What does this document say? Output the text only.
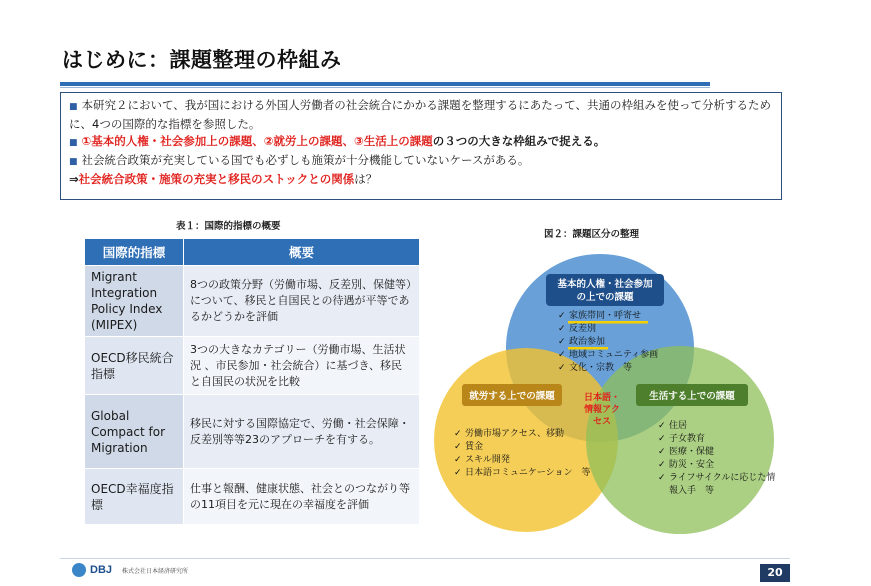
はじめに：課題整理の枠組み

■ 本研究２において、我が国における外国人労働者の社会統合にかかる課題を整理するにあたって、共通の枠組みを使って分析するために、4つの国際的な指標を参照した。

■ ①基本的人権・社会参加上の課題、②就労上の課題、③生活上の課題の３つの大きな枠組みで捉える。

■ 社会統合政策が充実している国でも必ずしも施策が十分機能していないケースがある。

⇒社会統合政策・施策の充実と移民のストックとの関係は？

表１：国際的指標の概要
国際的指標	概要
Migrant Integration Policy Index (MIPEX)	8つの政策分野（労働市場、反差別、保健等）について、移民と自国民との待遇が平等であるかどうかを評価
OECD移民統合指標	3つの大きなカテゴリー（労働市場、生活状況 、市民参加・社会統合）に基づき、移民と自国民の状況を比較
Global Compact for Migration	移民に対する国際協定で、労働・社会保障・反差別等等23のアプローチを有する。
OECD幸福度指標	仕事と報酬、健康状態、社会とのつながり等の11項目を元に現在の幸福度を評価
図２：課題区分の整理
基本的人権・社会参加
の上での課題
✓ 家族帯同・呼寄せ
✓ 反差別
✓ 政治参加
✓ 地域コミュニティ参画
✓ 文化・宗教　等
就労する上での課題
✓ 労働市場アクセス、移動
✓ 賃金
✓ スキル開発
✓ 日本語コミュニケーション　等
生活する上での課題
✓ 住居
✓ 子女教育
✓ 医療・保健
✓ 防災・安全
✓ ライフサイクルに応じた情
報入手　等
日本語・
情報アク
セス
DBJ 株式会社日本経済研究所	20
